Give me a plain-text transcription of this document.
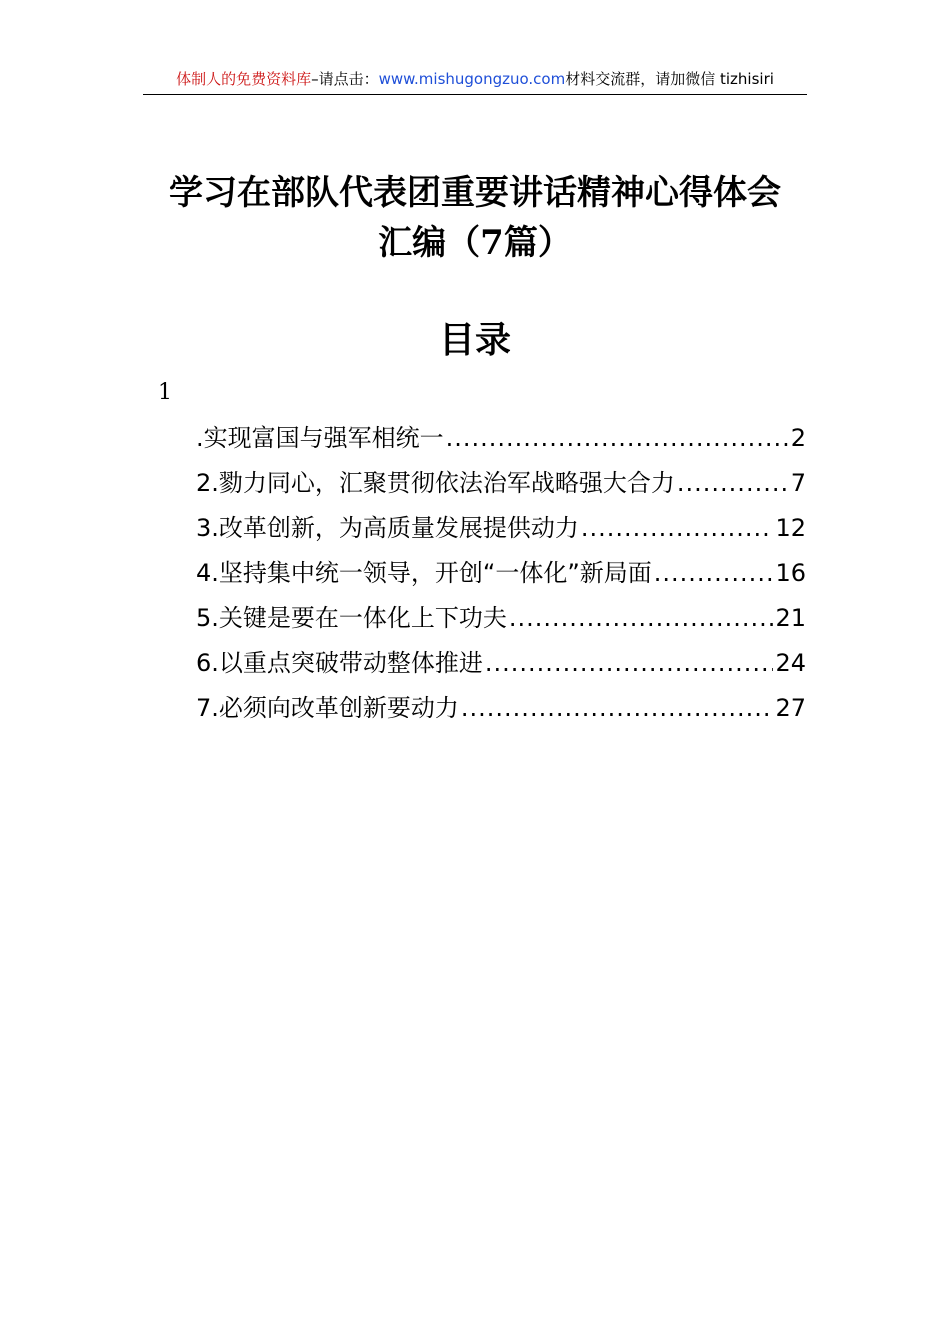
体制人的免费资料库–请点击：www.mishugongzuo.com材料交流群，请加微信 tizhisiri
学习在部队代表团重要讲话精神心得体会
汇编（7篇）
目录
1
.实现富国与强军相统一 .....	2
2.勠力同心，汇聚贯彻依法治军战略强大合力 .....	7
3.改革创新，为高质量发展提供动力 .....	12
4.坚持集中统一领导，开创“一体化”新局面 .....	16
5.关键是要在一体化上下功夫 .....	21
6.以重点突破带动整体推进 .....	24
7.必须向改革创新要动力 .....	27
